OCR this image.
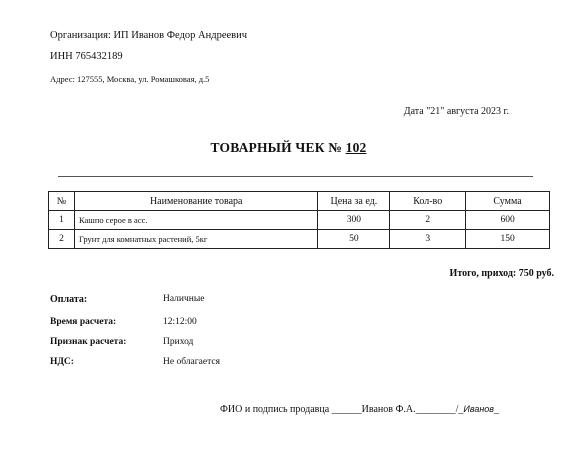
Организация: ИП Иванов Федор Андреевич
ИНН 765432189
Адрес: 127555, Москва, ул. Ромашковая, д.5
Дата "21" августа 2023 г.
ТОВАРНЫЙ ЧЕК № 102
№	Наименование товара	Цена за ед.	Кол-во	Сумма
1	Кашпо серое в асс.	300	2	600
2	Грунт для комнатных растений, 5кг	50	3	150
Итого, приход: 750 руб.
Оплата:	Наличные
Время расчета:	12:12:00
Признак расчета:	Приход
НДС:	Не облагается
ФИО и подпись продавца ______Иванов Ф.А.________/_Иванов_
